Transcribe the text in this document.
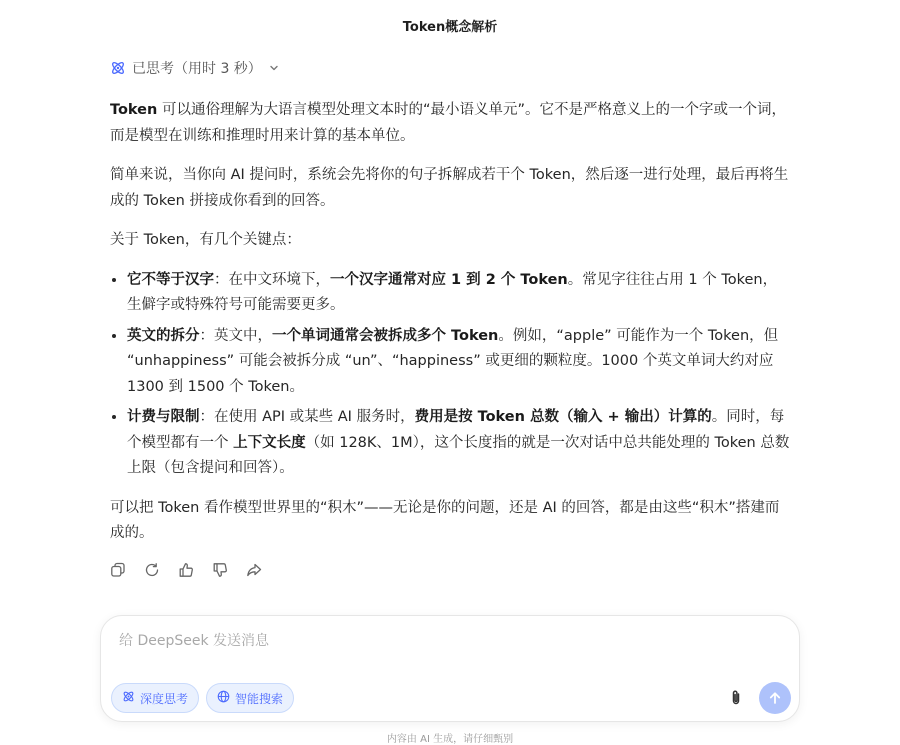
Token概念解析
已思考（用时 3 秒）

Token 可以通俗理解为大语言模型处理文本时的“最小语义单元”。它不是严格意义上的一个字或一个词，而是模型在训练和推理时用来计算的基本单位。

简单来说，当你向 AI 提问时，系统会先将你的句子拆解成若干个 Token，然后逐一进行处理，最后再将生成的 Token 拼接成你看到的回答。

关于 Token，有几个关键点：

• 它不等于汉字：在中文环境下，一个汉字通常对应 1 到 2 个 Token。常见字往往占用 1 个 Token，生僻字或特殊符号可能需要更多。
• 英文的拆分：英文中，一个单词通常会被拆成多个 Token。例如，“apple” 可能作为一个 Token，但 “unhappiness” 可能会被拆分成 “un”、“happiness” 或更细的颗粒度。1000 个英文单词大约对应 1300 到 1500 个 Token。
• 计费与限制：在使用 API 或某些 AI 服务时，费用是按 Token 总数（输入 + 输出）计算的。同时，每个模型都有一个 上下文长度（如 128K、1M），这个长度指的就是一次对话中总共能处理的 Token 总数上限（包含提问和回答）。

可以把 Token 看作模型世界里的“积木”——无论是你的问题，还是 AI 的回答，都是由这些“积木”搭建而成的。

给 DeepSeek 发送消息
深度思考	智能搜索
内容由 AI 生成，请仔细甄别
